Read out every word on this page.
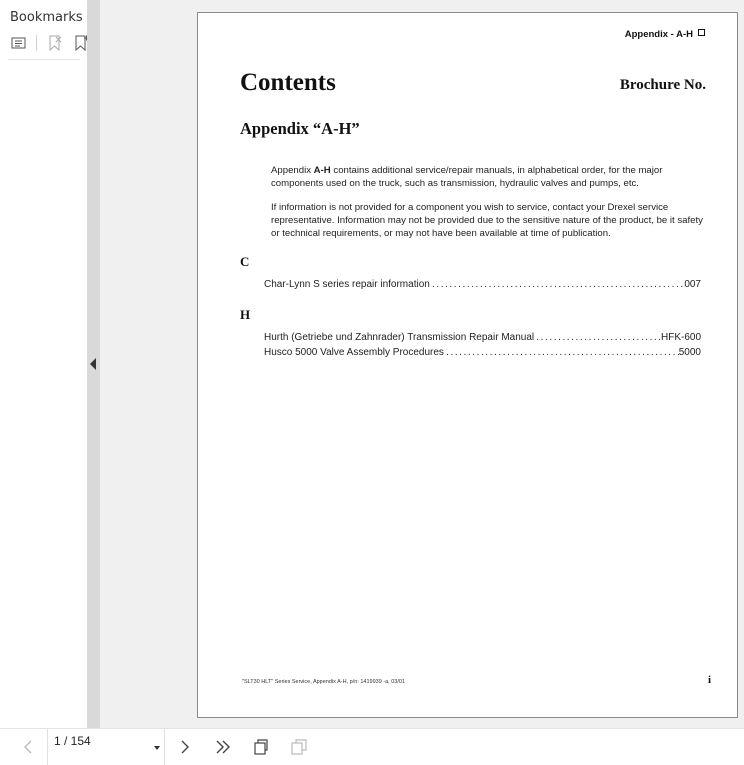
Bookmarks
Appendix - A-H
Contents	Brochure No.
Appendix “A-H”

Appendix A-H contains additional service/repair manuals, in alphabetical order, for the major components used on the truck, such as transmission, hydraulic valves and pumps, etc.

If information is not provided for a component you wish to service, contact your Drexel service representative. Information may not be provided due to the sensitive nature of the product, be it safety or technical requirements, or may not have been available at time of publication.

C
Char-Lynn S series repair information . . .	007
H
Hurth (Getriebe und Zahnrader) Transmission Repair Manual . . .	HFK-600
Husco 5000 Valve Assembly Procedures . . .	5000
"SLT30 HLT" Series Service, Appendix A-H, p/n: 1419939 -a, 03/01	i
1 / 154
